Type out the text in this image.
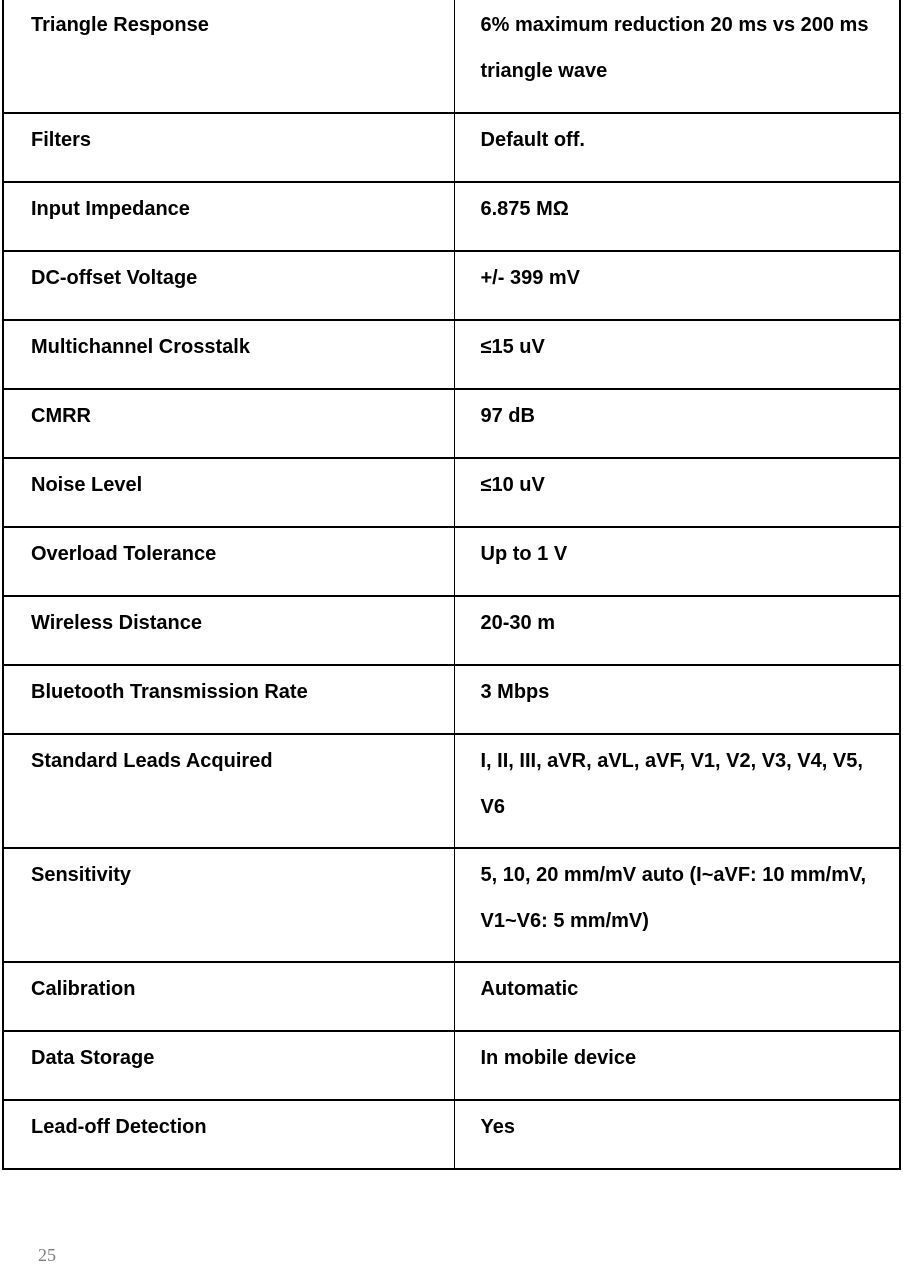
Triangle Response	6% maximum reduction 20 ms vs 200 ms triangle wave
Filters	Default off.
Input Impedance	6.875 MΩ
DC-offset Voltage	+/- 399 mV
Multichannel Crosstalk	≤15 uV
CMRR	97 dB
Noise Level	≤10 uV
Overload Tolerance	Up to 1 V
Wireless Distance	20-30 m
Bluetooth Transmission Rate	3 Mbps
Standard Leads Acquired	I, II, III, aVR, aVL, aVF, V1, V2, V3, V4, V5, V6
Sensitivity	5, 10, 20 mm/mV auto (I~aVF: 10 mm/mV, V1~V6: 5 mm/mV)
Calibration	Automatic
Data Storage	In mobile device
Lead-off Detection	Yes
25
